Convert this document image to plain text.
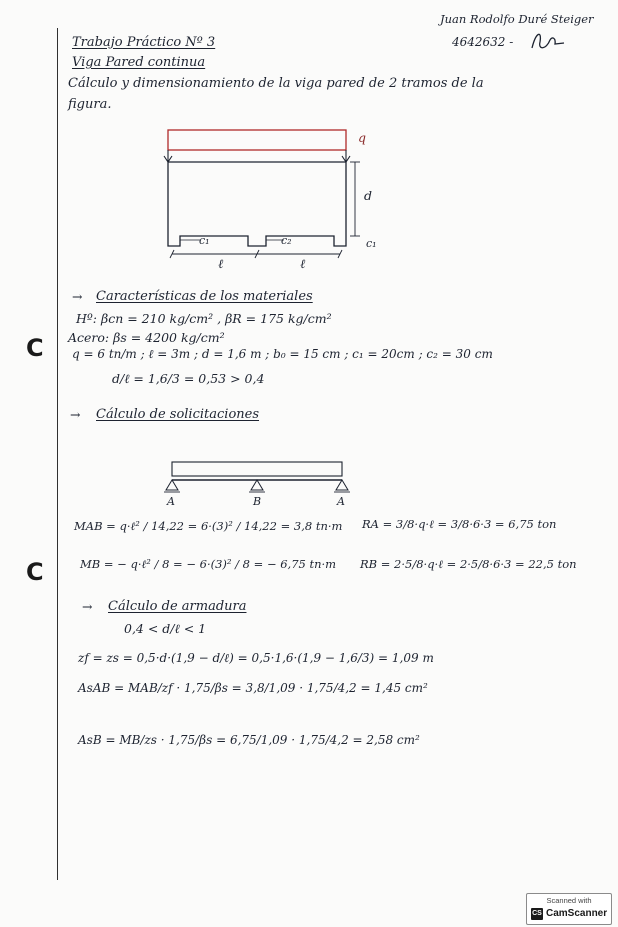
C
C
Juan Rodolfo Duré Steiger
4642632 -
Trabajo Práctico Nº 3
Viga Pared continua
Cálculo y dimensionamiento de la viga pared de 2 tramos de la
figura.
q
d
c₁	c₂	c₁
ℓ	ℓ
→ Características de los materiales
Hº: βcn = 210 kg/cm² , βR = 175 kg/cm²
Acero: βs = 4200 kg/cm²
q = 6 tn/m ; ℓ = 3m ; d = 1,6 m ; b₀ = 15 cm ; c₁ = 20cm ; c₂ = 30 cm
d/ℓ = 1,6/3 = 0,53 > 0,4
→ Cálculo de solicitaciones
A	B	A
MAB = q·ℓ² / 14,22 = 6·(3)² / 14,22 = 3,8 tn·m RA = 3/8·q·ℓ = 3/8·6·3 = 6,75 ton
MB = − q·ℓ² / 8 = − 6·(3)² / 8 = − 6,75 tn·m RB = 2·5/8·q·ℓ = 2·5/8·6·3 = 22,5 ton
→ Cálculo de armadura
0,4 < d/ℓ < 1
zf = zs = 0,5·d·(1,9 − d/ℓ) = 0,5·1,6·(1,9 − 1,6/3) = 1,09 m
AsAB = MAB/zf · 1,75/βs = 3,8/1,09 · 1,75/4,2 = 1,45 cm²
AsB = MB/zs · 1,75/βs = 6,75/1,09 · 1,75/4,2 = 2,58 cm²
Scanned with
CS CamScanner
